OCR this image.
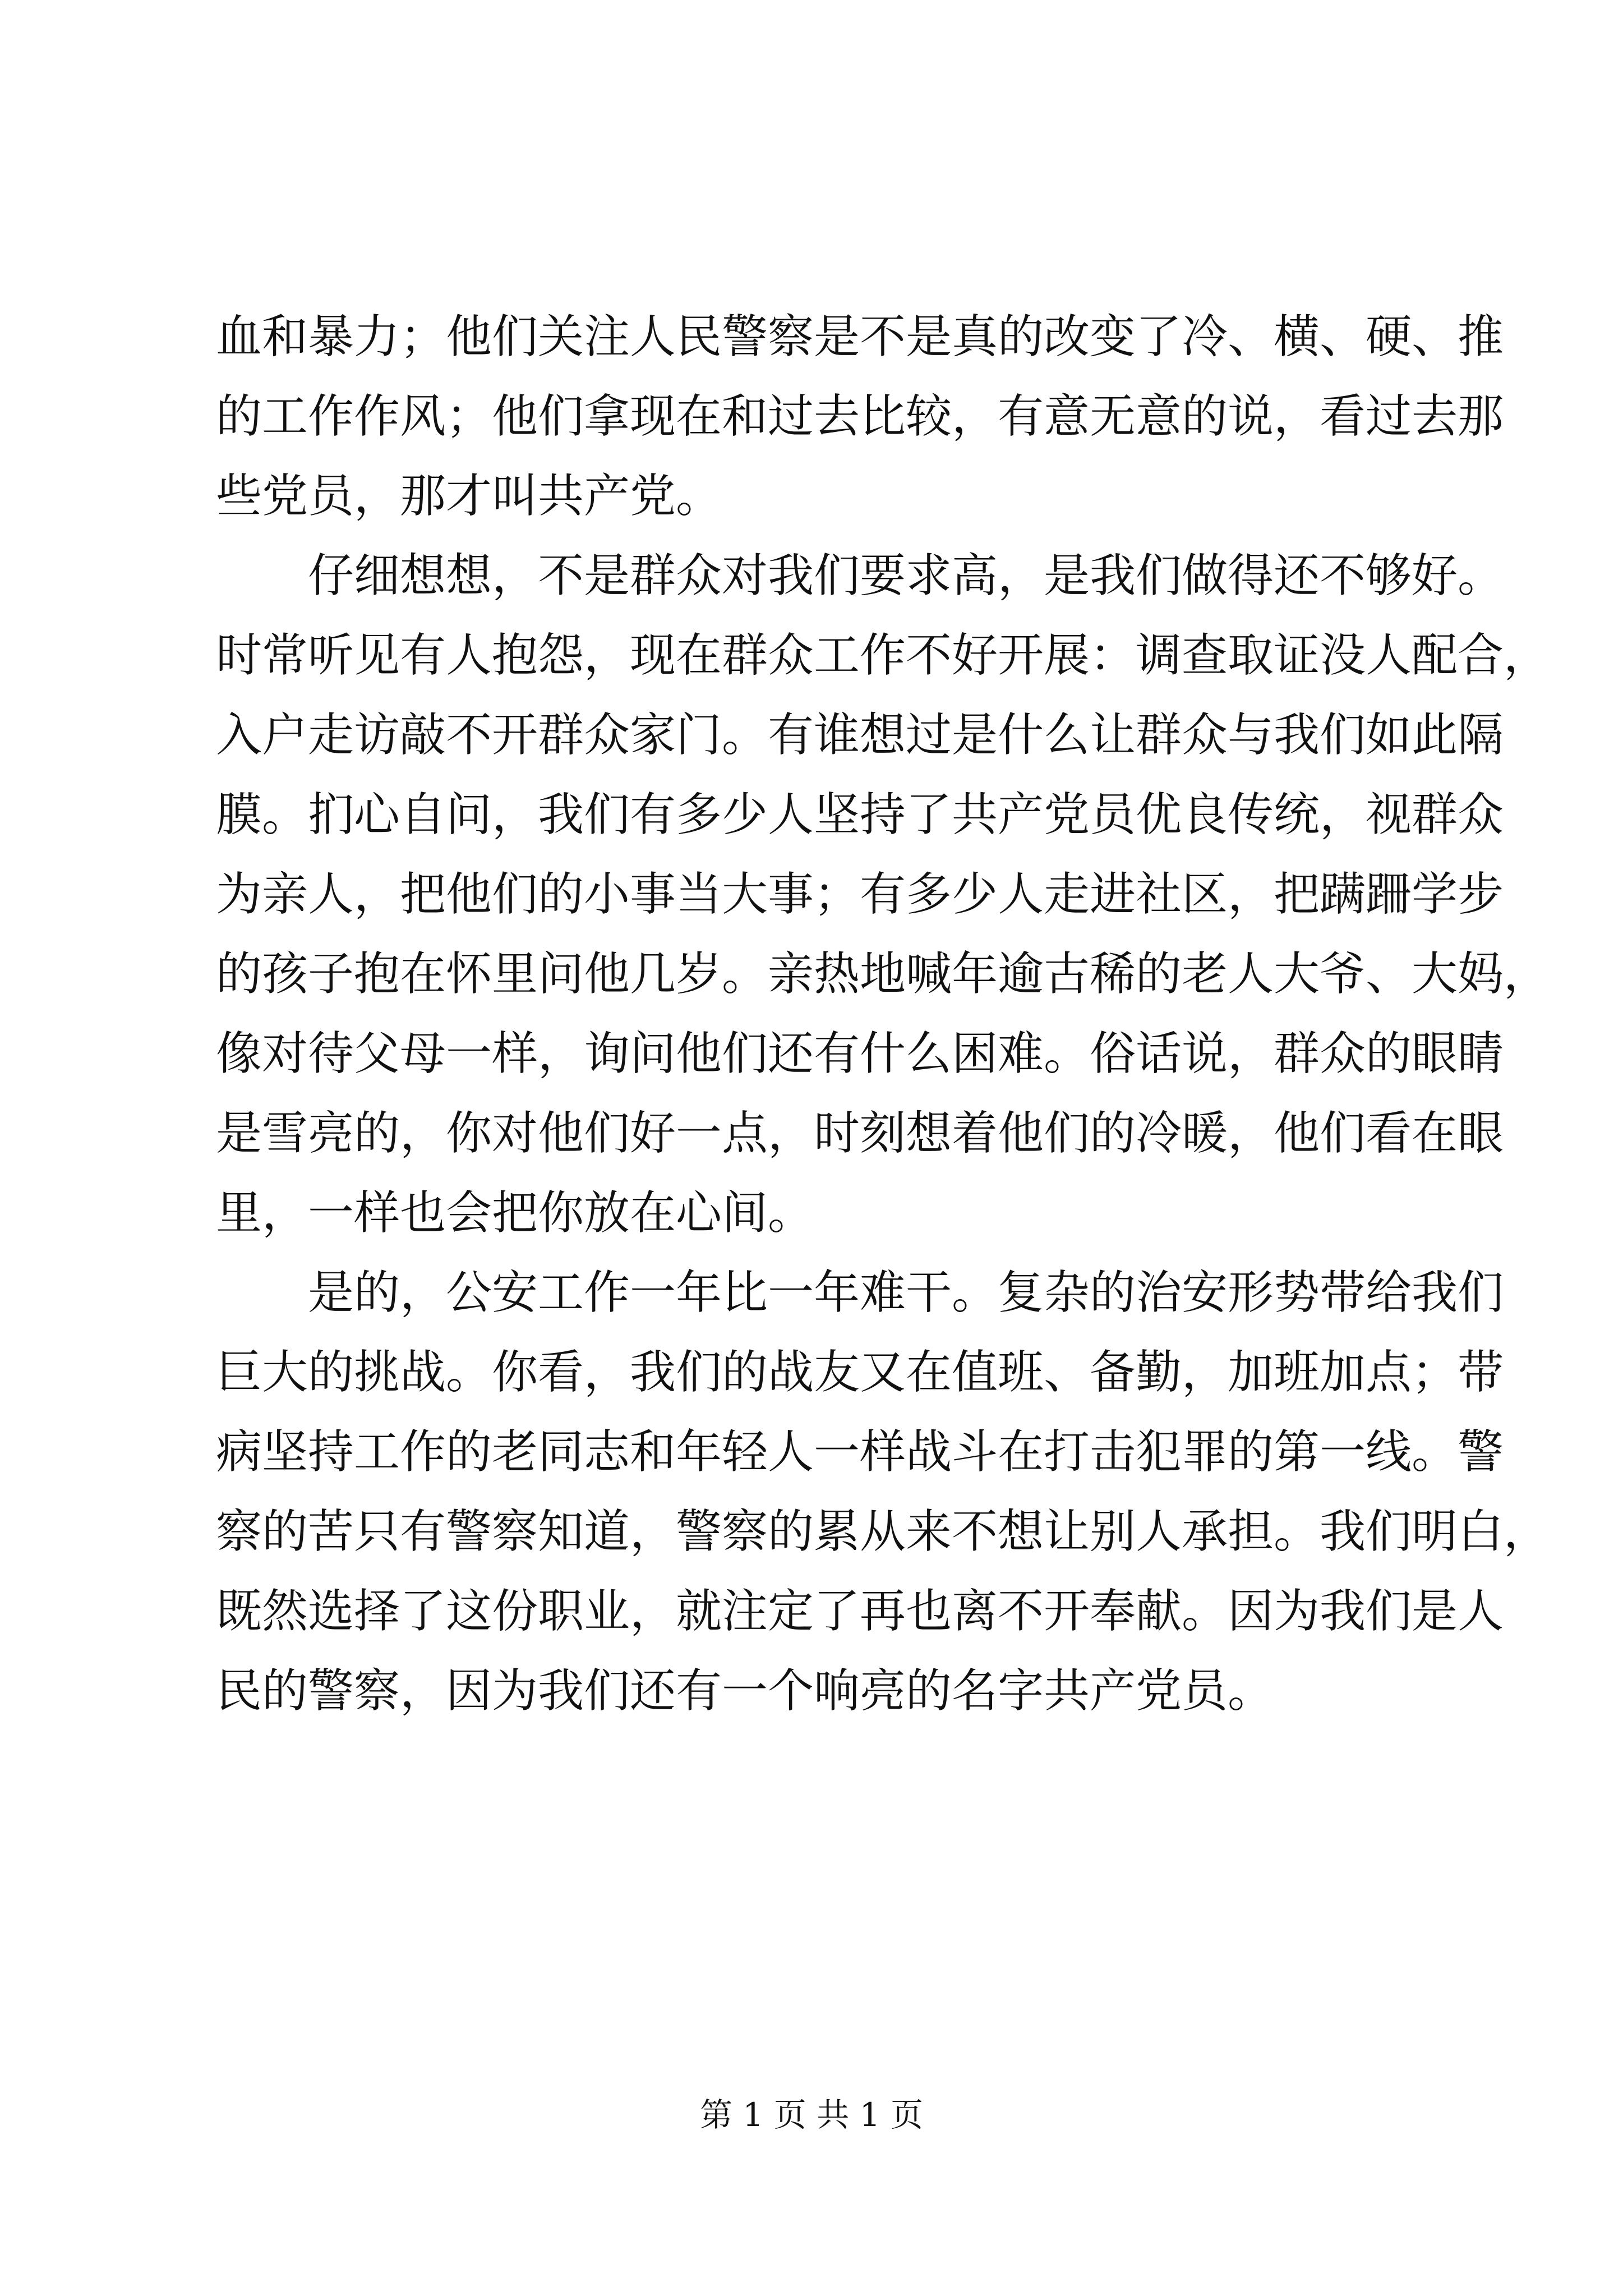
血和暴力；他们关注人民警察是不是真的改变了冷、横、硬、推
的工作作风；他们拿现在和过去比较，有意无意的说，看过去那
些党员，那才叫共产党。
　　仔细想想，不是群众对我们要求高，是我们做得还不够好。
时常听见有人抱怨，现在群众工作不好开展：调查取证没人配合，
入户走访敲不开群众家门。有谁想过是什么让群众与我们如此隔
膜。扪心自问，我们有多少人坚持了共产党员优良传统，视群众
为亲人，把他们的小事当大事；有多少人走进社区，把蹒跚学步
的孩子抱在怀里问他几岁。亲热地喊年逾古稀的老人大爷、大妈，
像对待父母一样，询问他们还有什么困难。俗话说，群众的眼睛
是雪亮的，你对他们好一点，时刻想着他们的冷暖，他们看在眼
里，一样也会把你放在心间。
　　是的，公安工作一年比一年难干。复杂的治安形势带给我们
巨大的挑战。你看，我们的战友又在值班、备勤，加班加点；带
病坚持工作的老同志和年轻人一样战斗在打击犯罪的第一线。警
察的苦只有警察知道，警察的累从来不想让别人承担。我们明白，
既然选择了这份职业，就注定了再也离不开奉献。因为我们是人
民的警察，因为我们还有一个响亮的名字共产党员。
第 1 页 共 1 页
